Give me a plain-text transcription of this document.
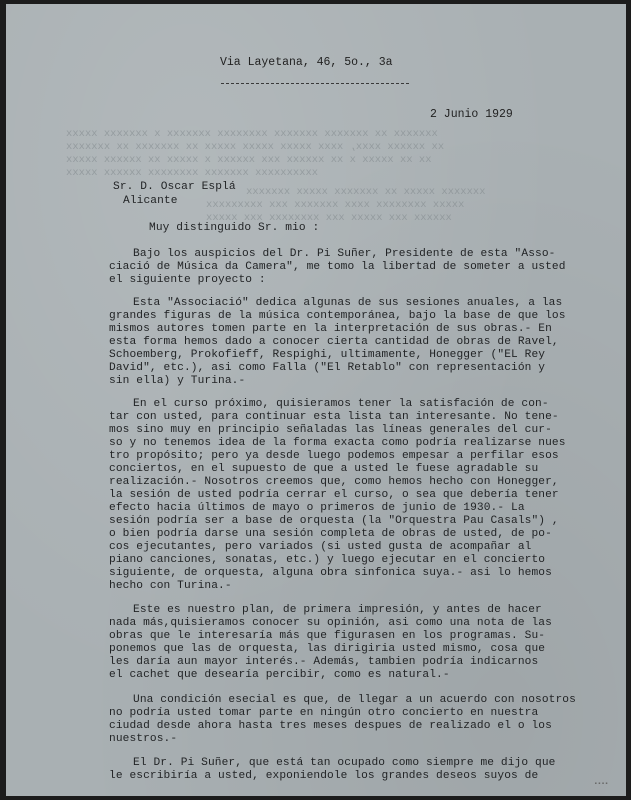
xxxxxxx xx xxxxxxx xxxxxxx xxxxxxxx xxxxxxx x xxxxxxx xxxxx
xx xxxxxx xxxx, xxxx xxxxx xxxxx xxxxx xx xxxxxxx xx xxxxxxx
xx xx xxxxx x xx xxxxxx xxx xxxxxx x xxxxx xx xxxxxx xxxxx
xxxxxxxxxx xxxxxxx xxxxxxxx xxxxxx xxxxx
xxxxxxx xxxxx xx xxxxxxx xxxxx xxxxxxx
xxxxx xxxxxxxx xxxx xxxxxxx xxx xxxxxxxxx
xxxxxx xxx xxxxx xxx xxxxxxxx xxx xxxxx
Via Layetana, 46, 5o., 3a
2 Junio 1929
Sr. D. Oscar Esplá
Alicante
Muy distinguido Sr. mio :
Bajo los auspicios del Dr. Pi Suñer, Presidente de esta "Asso-
ciació de Música da Camera", me tomo la libertad de someter a usted
el siguiente proyecto :
Esta "Associació" dedica algunas de sus sesiones anuales, a las
grandes figuras de la música contemporánea, bajo la base de que los
mismos autores tomen parte en la interpretación de sus obras.- En
esta forma hemos dado a conocer cierta cantidad de obras de Ravel,
Schoemberg, Prokofieff, Respighi, ultimamente, Honegger ("EL Rey
David", etc.), asi como Falla ("El Retablo" con representación y
sin ella) y Turina.-
En el curso próximo, quisieramos tener la satisfación de con-
tar con usted, para continuar esta lista tan interesante. No tene-
mos sino muy en principio señaladas las líneas generales del cur-
so y no tenemos idea de la forma exacta como podría realizarse nues
tro propósito; pero ya desde luego podemos empesar a perfilar esos
conciertos, en el supuesto de que a usted le fuese agradable su
realización.- Nosotros creemos que, como hemos hecho con Honegger,
la sesión de usted podría cerrar el curso, o sea que debería tener
efecto hacia últimos de mayo o primeros de junio de 1930.- La
sesión podría ser a base de orquesta (la "Orquestra Pau Casals") ,
o bien podría darse una sesión completa de obras de usted, de po-
cos ejecutantes, pero variados (si usted gusta de acompañar al
piano canciones, sonatas, etc.) y luego ejecutar en el concierto
siguiente, de orquesta, alguna obra sinfonica suya.- asi lo hemos
hecho con Turina.-
Este es nuestro plan, de primera impresión, y antes de hacer
nada más,quisieramos conocer su opinión, asi como una nota de las
obras que le interesaría más que figurasen en los programas. Su-
ponemos que las de orquesta, las dirigiria usted mismo, cosa que
les daría aun mayor interés.- Además, tambien podría indicarnos
el cachet que desearía percibir, como es natural.-
Una condición esecial es que, de llegar a un acuerdo con nosotros
no podría usted tomar parte en ningún otro concierto en nuestra
ciudad desde ahora hasta tres meses despues de realizado el o los
nuestros.-
El Dr. Pi Suñer, que está tan ocupado como siempre me dijo que
le escribiría a usted, exponiendole los grandes deseos suyos de
▪▪▪▪
